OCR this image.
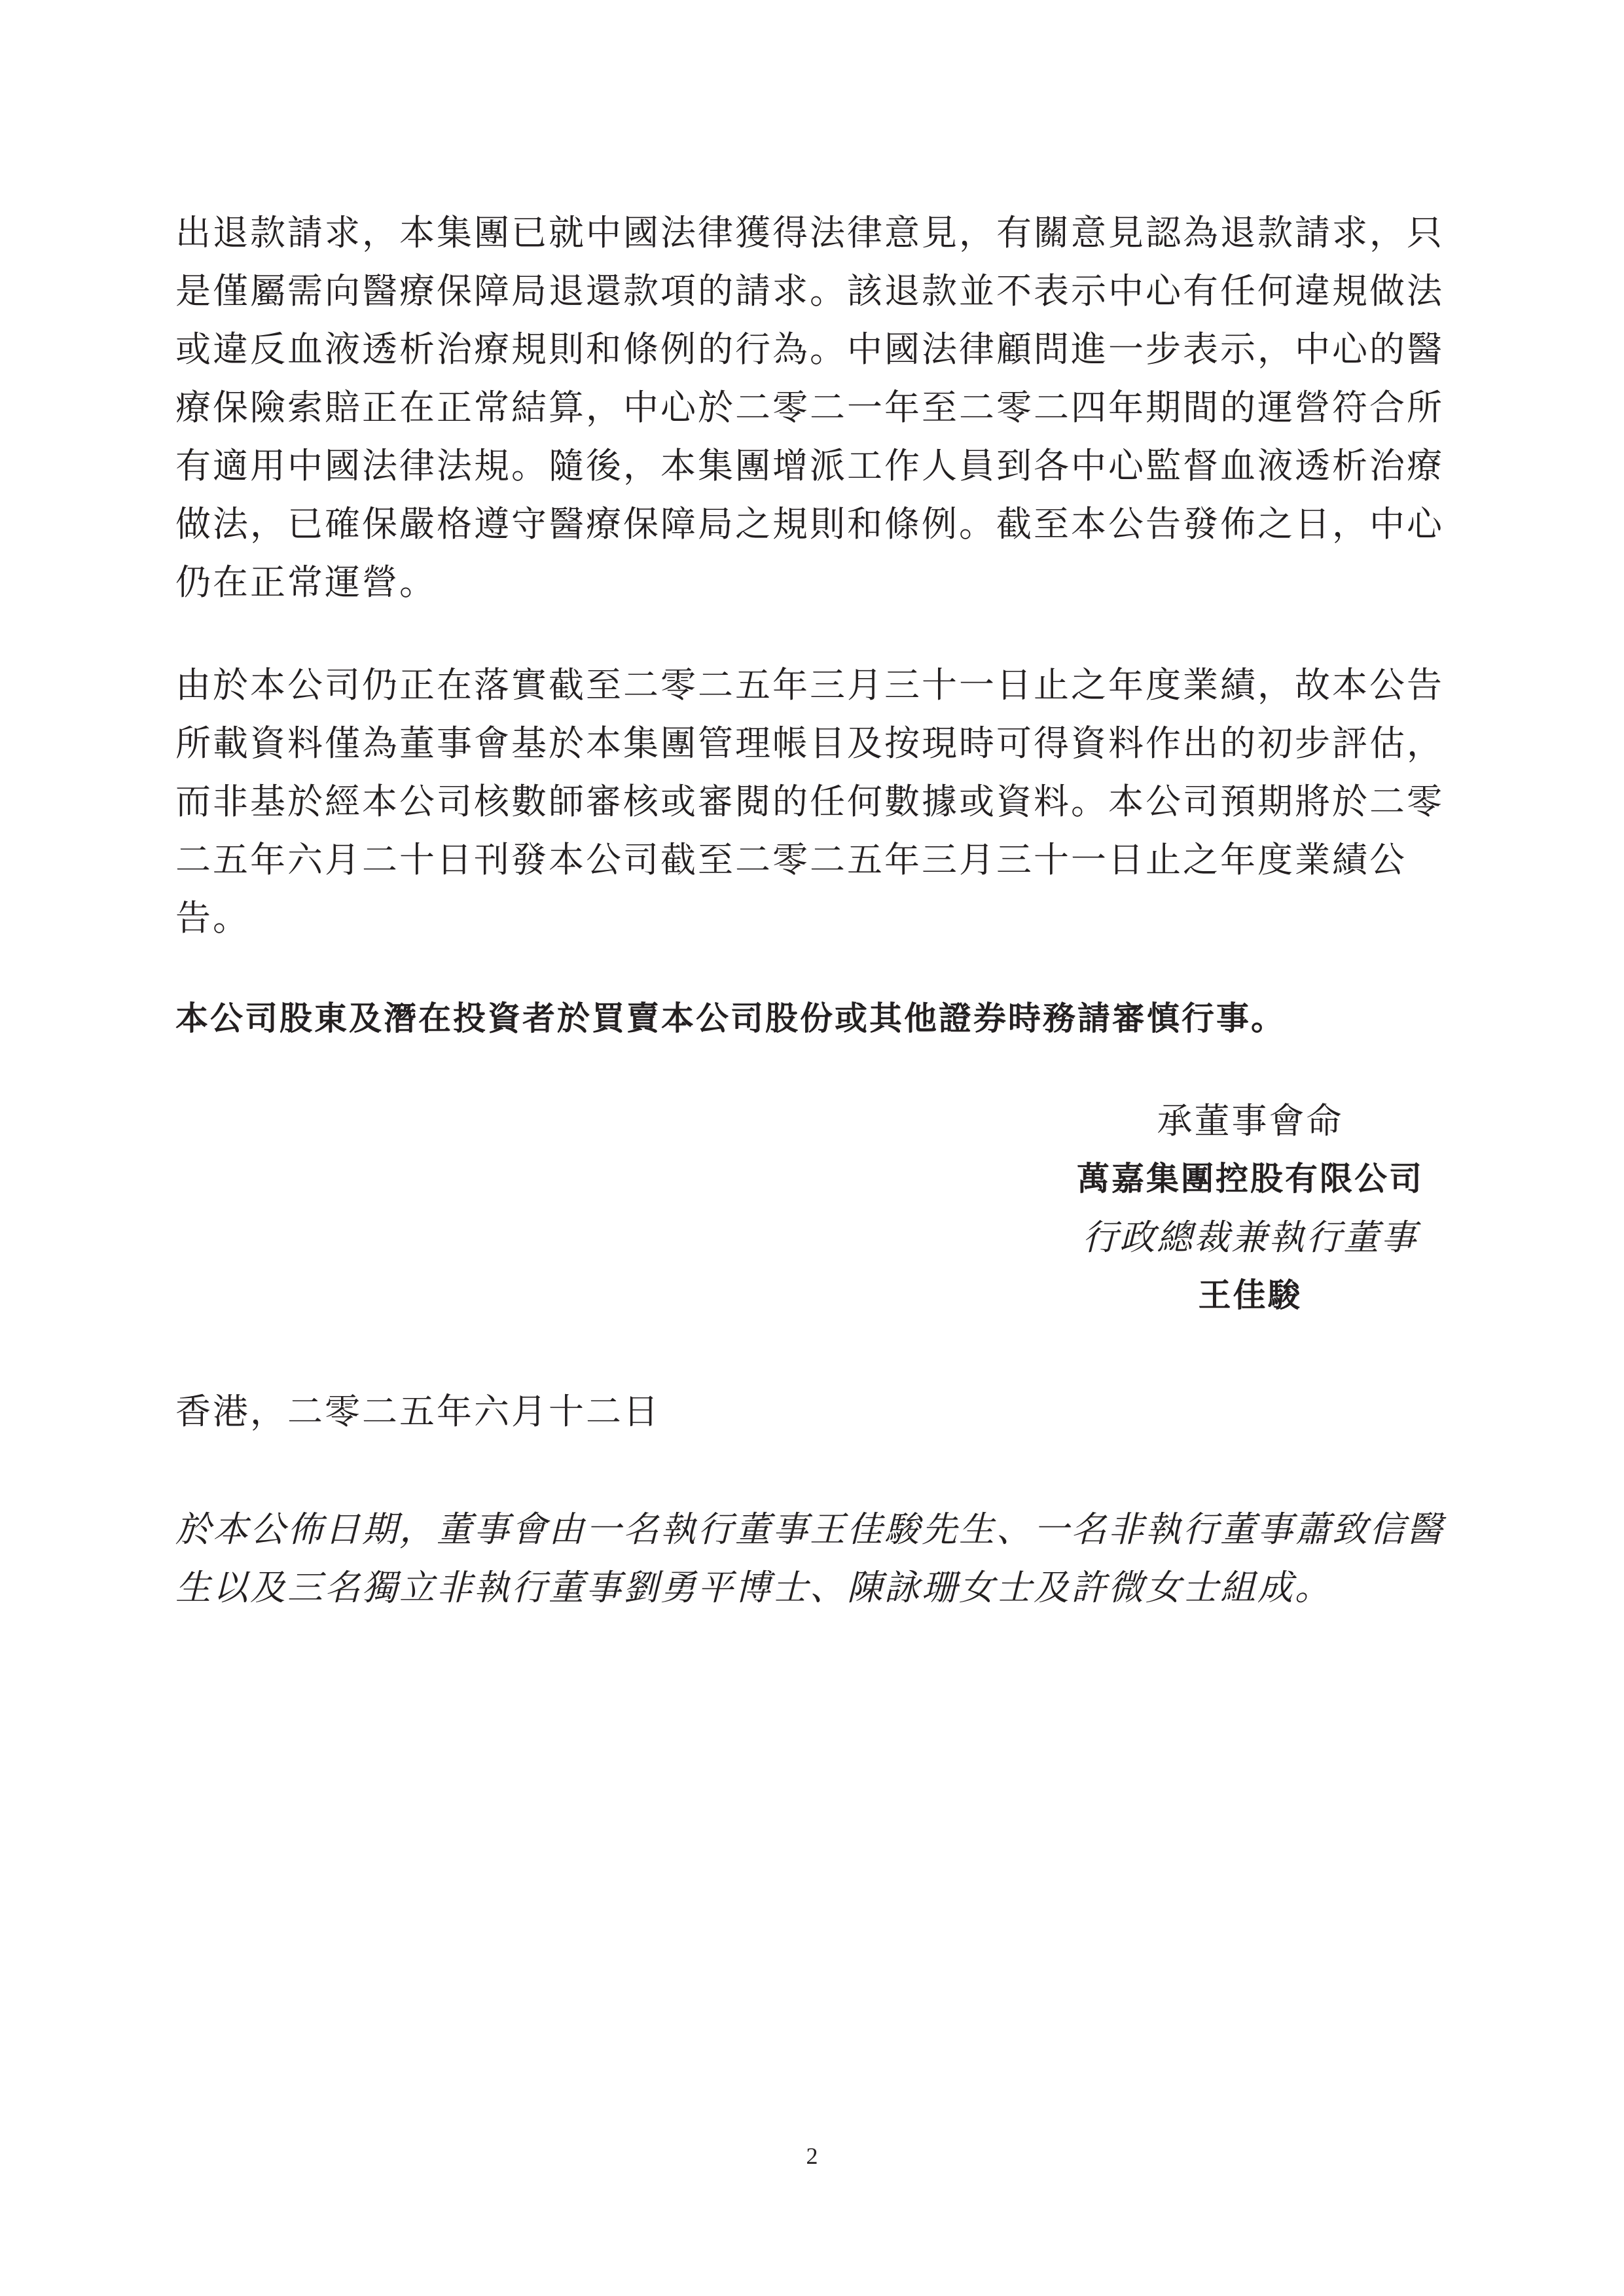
出退款請求，本集團已就中國法律獲得法律意見，有關意見認為退款請求，只是僅屬需向醫療保障局退還款項的請求。該退款並不表示中心有任何違規做法或違反血液透析治療規則和條例的行為。中國法律顧問進一步表示，中心的醫療保險索賠正在正常結算，中心於二零二一年至二零二四年期間的運營符合所有適用中國法律法規。隨後，本集團增派工作人員到各中心監督血液透析治療做法，已確保嚴格遵守醫療保障局之規則和條例。截至本公告發佈之日，中心仍在正常運營。

由於本公司仍正在落實截至二零二五年三月三十一日止之年度業績，故本公告所載資料僅為董事會基於本集團管理帳目及按現時可得資料作出的初步評估，而非基於經本公司核數師審核或審閱的任何數據或資料。本公司預期將於二零二五年六月二十日刊發本公司截至二零二五年三月三十一日止之年度業績公告。

本公司股東及潛在投資者於買賣本公司股份或其他證券時務請審慎行事。

承董事會命
萬嘉集團控股有限公司
行政總裁兼執行董事
王佳駿

香港，二零二五年六月十二日

於本公佈日期，董事會由一名執行董事王佳駿先生、一名非執行董事蕭致信醫生以及三名獨立非執行董事劉勇平博士、陳詠珊女士及許微女士組成。

2
